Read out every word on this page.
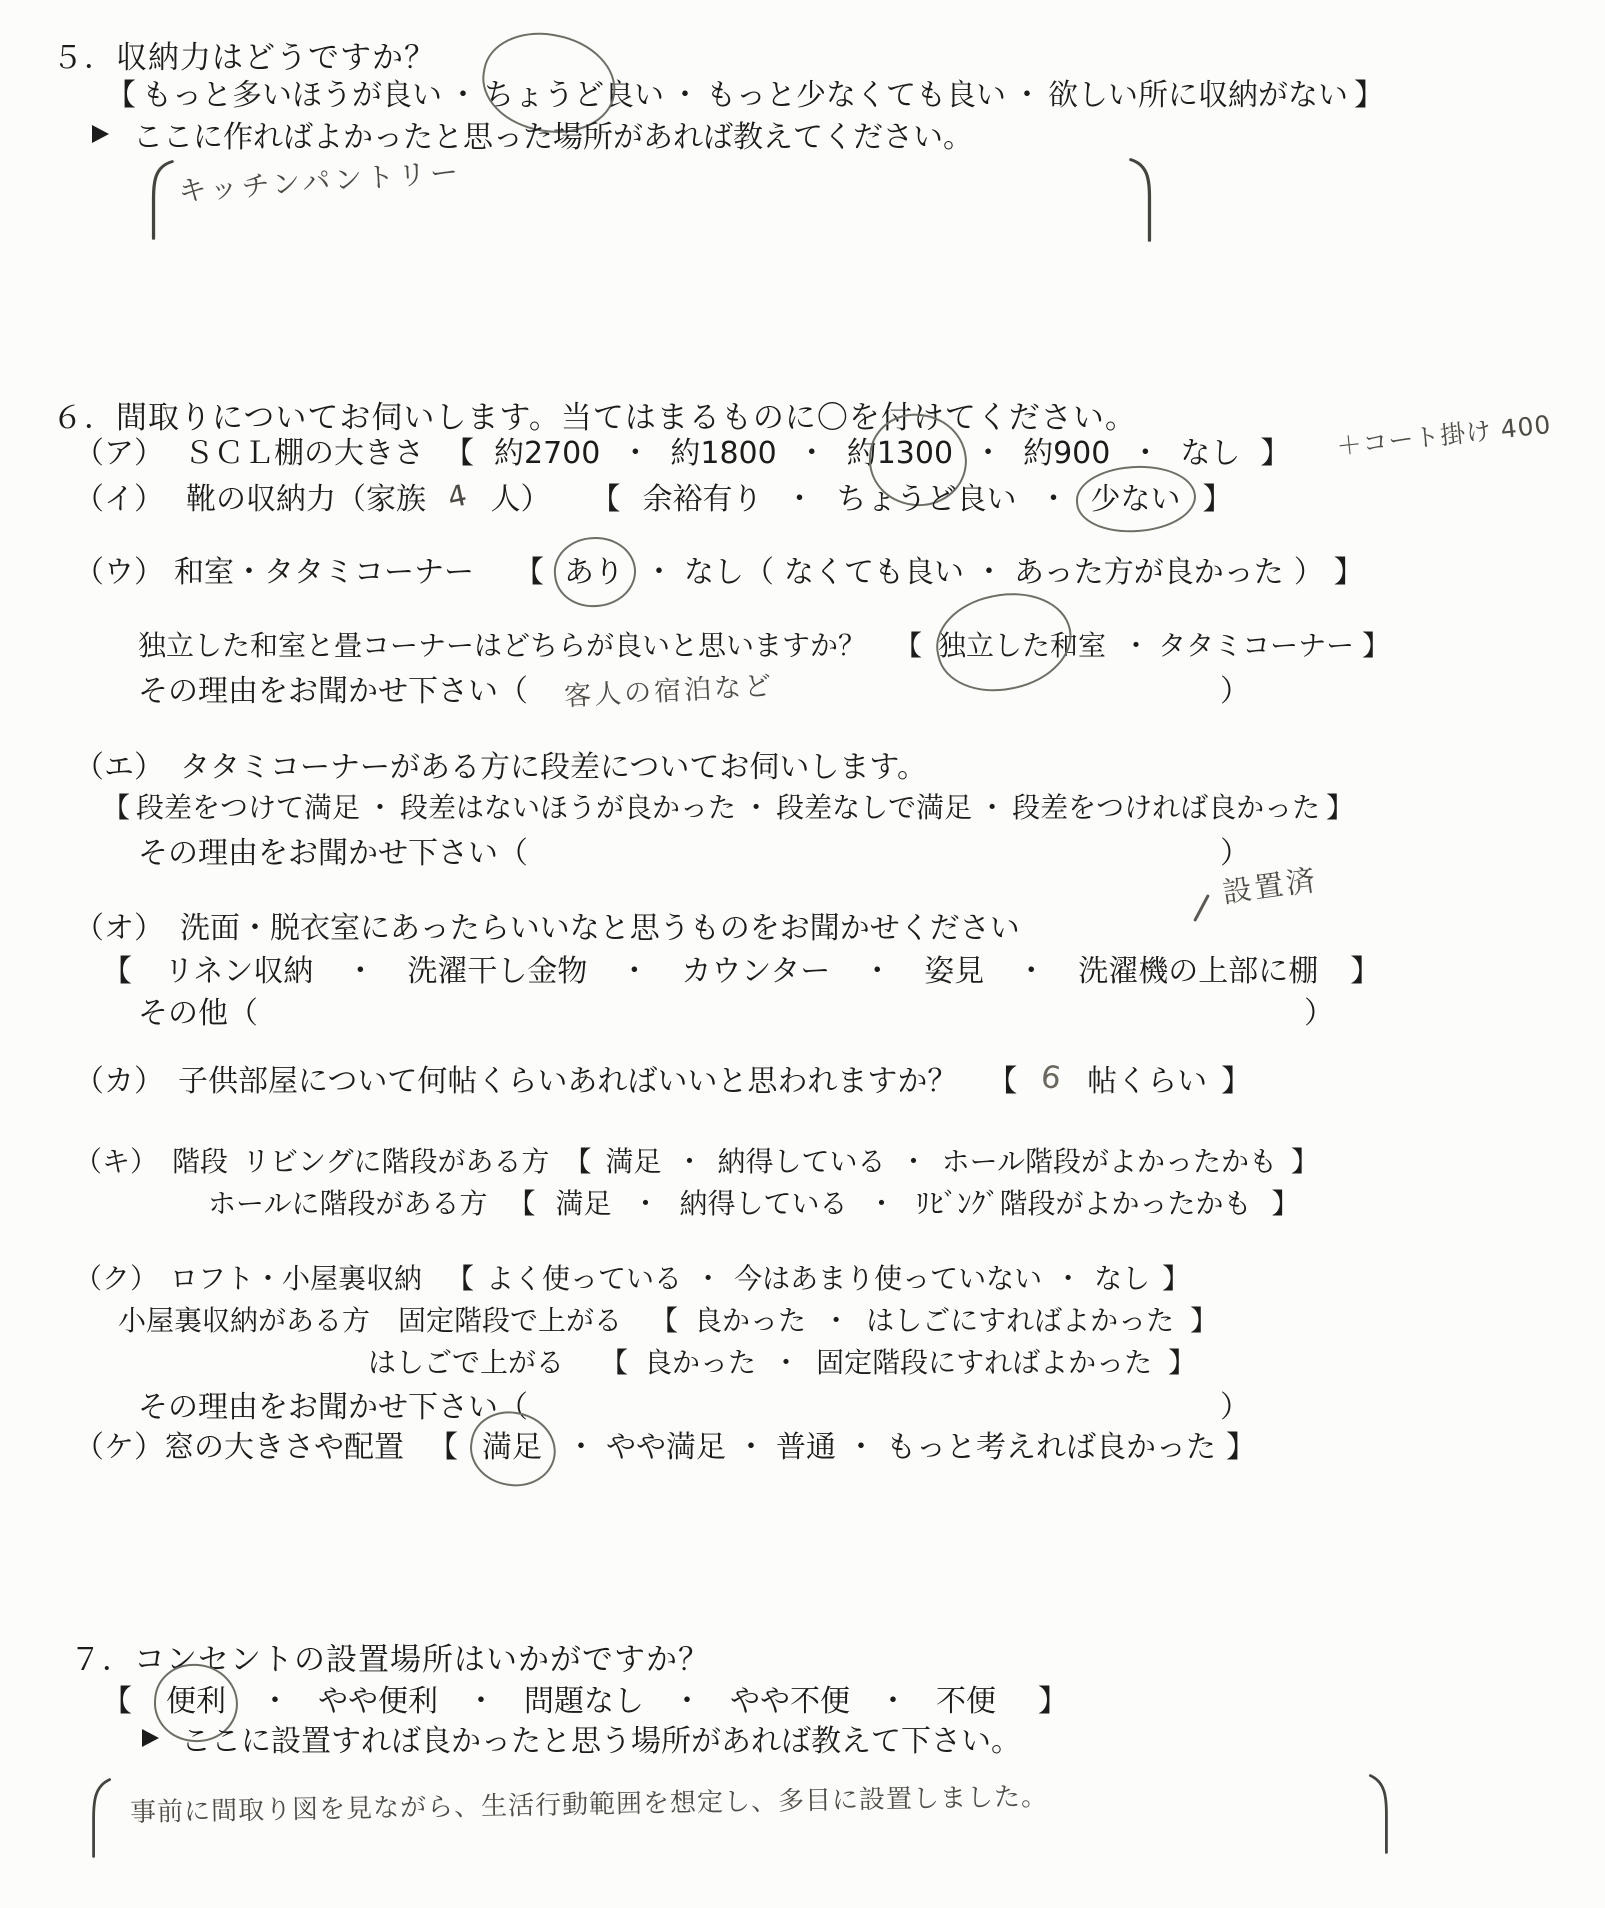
５．収納力はどうですか？
【 もっと多いほうが良い ・ ちょうど良い ・ もっと少なくても良い ・ 欲しい所に収納がない 】
ここに作ればよかったと思った場所があれば教えてください。
キッチンパントリー
６．間取りについてお伺いします。当てはまるものに〇を付けてください。
（ア） ＳＣＬ棚の大きさ 【 約2700 ・ 約1800 ・ 約1300 ・ 約900 ・ なし 】 ＋コート掛け 400
（イ） 靴の収納力（家族 4 人） 【 余裕有り ・ ちょうど良い ・ 少ない 】
（ウ） 和室・タタミコーナー 【 あり ・ なし（ なくても良い ・ あった方が良かった ） 】
独立した和室と畳コーナーはどちらが良いと思いますか？ 【 独立した和室 ・ タタミコーナー 】
その理由をお聞かせ下さい（ 客人の宿泊など	）
（エ） タタミコーナーがある方に段差についてお伺いします。
【 段差をつけて満足 ・ 段差はないほうが良かった ・ 段差なしで満足 ・ 段差をつければ良かった 】
その理由をお聞かせ下さい（	）
（オ） 洗面・脱衣室にあったらいいなと思うものをお聞かせください
設置済
【 リネン収納 ・ 洗濯干し金物 ・ カウンター ・ 姿見 ・ 洗濯機の上部に棚 】
その他（	）
（カ） 子供部屋について何帖くらいあればいいと思われますか？ 【 6 帖くらい 】
（キ） 階段 リビングに階段がある方 【 満足 ・ 納得している ・ ホール階段がよかったかも 】
ホールに階段がある方 【 満足 ・ 納得している ・ ﾘﾋﾞﾝｸﾞ階段がよかったかも 】
（ク） ロフト・小屋裏収納 【 よく使っている ・ 今はあまり使っていない ・ なし 】
小屋裏収納がある方 固定階段で上がる 【 良かった ・ はしごにすればよかった 】
はしごで上がる 【 良かった ・ 固定階段にすればよかった 】
その理由をお聞かせ下さい（	）
（ケ）窓の大きさや配置 【 満足 ・ やや満足 ・ 普通 ・ もっと考えれば良かった 】
７．コンセントの設置場所はいかがですか？
【 便利 ・ やや便利 ・ 問題なし ・ やや不便 ・ 不便 】
ここに設置すれば良かったと思う場所があれば教えて下さい。
事前に間取り図を見ながら、生活行動範囲を想定し、多目に設置しました。
